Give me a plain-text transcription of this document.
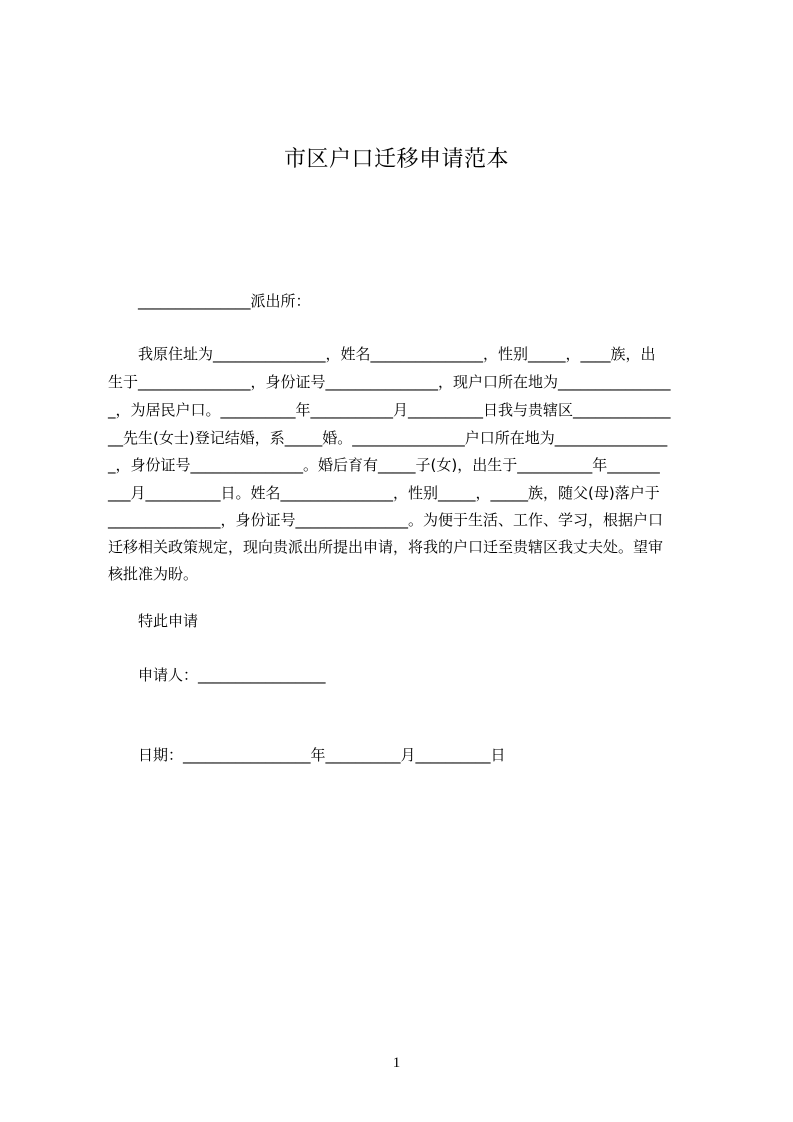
市区户口迁移申请范本
_______________派出所：
我原住址为_______________，姓名_______________，性别_____，____族，出
生于_______________，身份证号_______________，现户口所在地为_______________
_，为居民户口。__________年___________月__________日我与贵辖区_____________
__先生(女士)登记结婚，系_____婚。_______________户口所在地为_______________
_，身份证号_______________。婚后育有_____子(女)，出生于__________年_______
___月__________日。姓名_______________，性别_____，_____族，随父(母)落户于
_______________，身份证号_______________。为便于生活、工作、学习，根据户口
迁移相关政策规定，现向贵派出所提出申请，将我的户口迁至贵辖区我丈夫处。望审
核批准为盼。
特此申请
申请人：_________________
日期：_________________年__________月__________日
1
